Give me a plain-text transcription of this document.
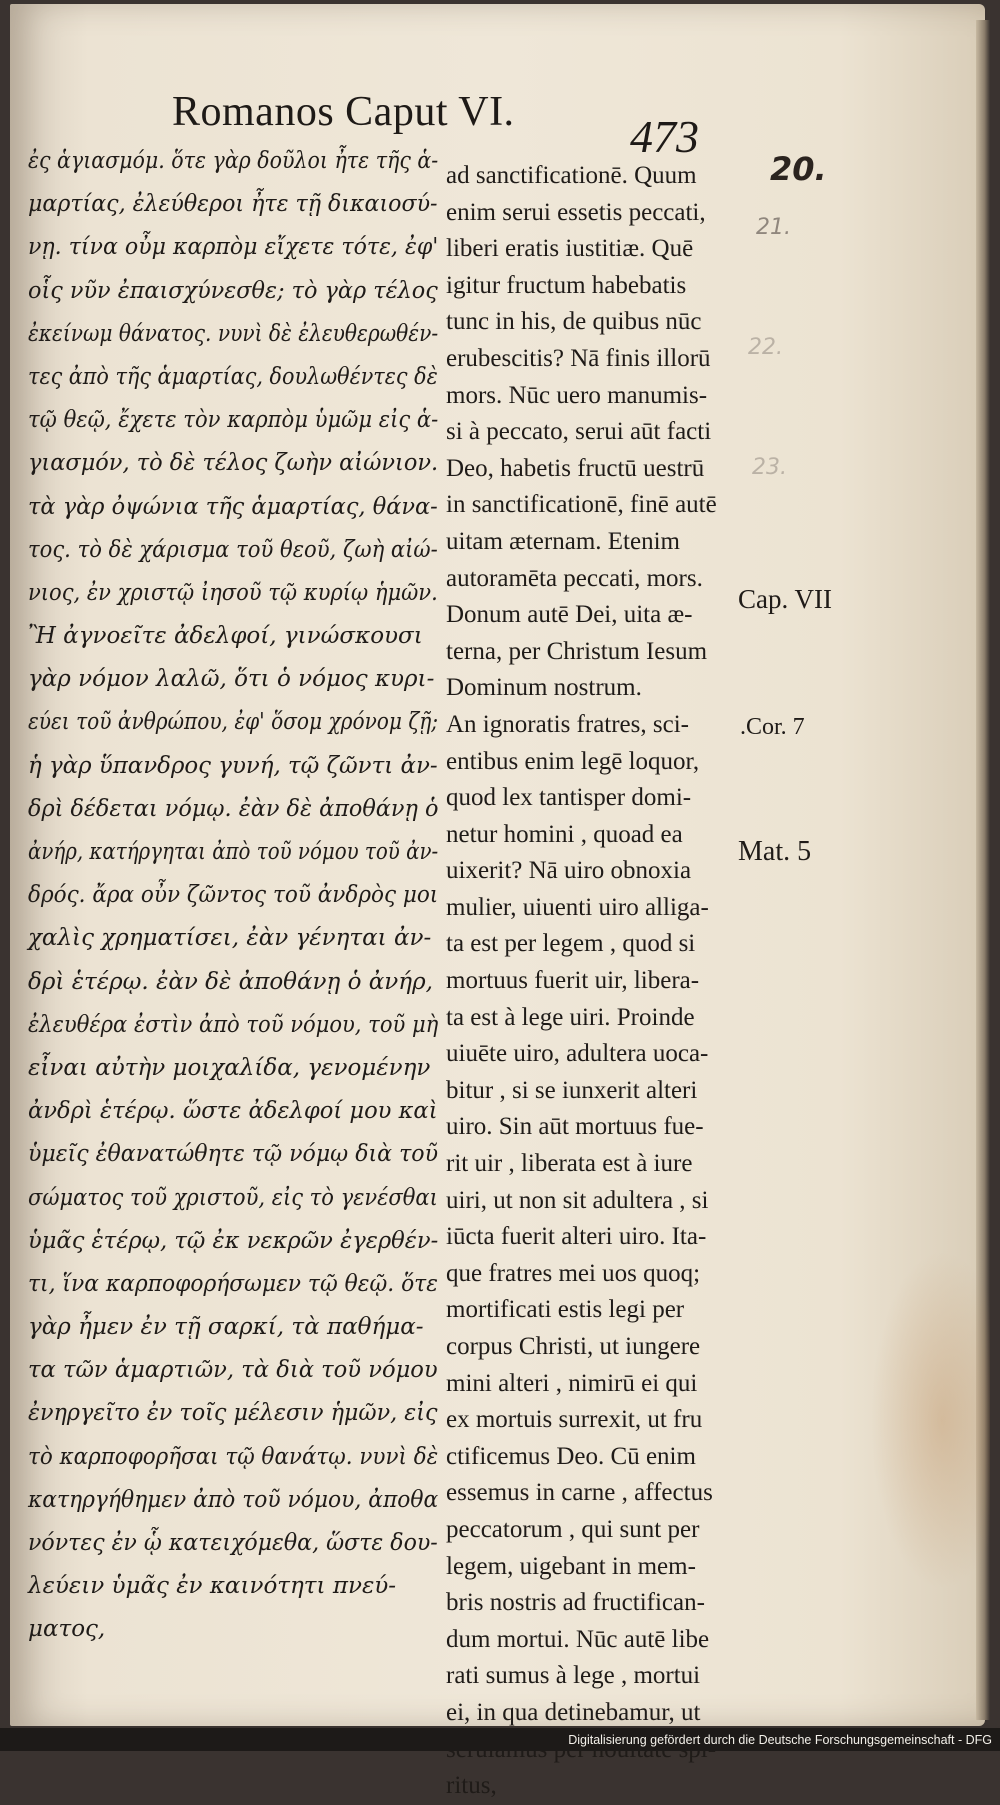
Romanos Caput VI.	473
20.
21.
22.
23.
ἐς ἁγιασμόμ. ὅτε γὰρ δοῦλοι ἦτε τῆς ἁ-
μαρτίας, ἐλεύθεροι ἦτε τῇ δικαιοσύ-
νῃ. τίνα οὖμ καρπὸμ εἴχετε τότε, ἐφ'
οἷς νῦν ἐπαισχύνεσθε; τὸ γὰρ τέλος
ἐκείνωμ θάνατος. νυνὶ δὲ ἐλευθερωθέν-
τες ἀπὸ τῆς ἁμαρτίας, δουλωθέντες δὲ
τῷ θεῷ, ἔχετε τὸν καρπὸμ ὑμῶμ εἰς ἁ-
γιασμόν, τὸ δὲ τέλος ζωὴν αἰώνιον.
τὰ γὰρ ὀψώνια τῆς ἁμαρτίας, θάνα-
τος. τὸ δὲ χάρισμα τοῦ θεοῦ, ζωὴ αἰώ-
νιος, ἐν χριστῷ ἰησοῦ τῷ κυρίῳ ἡμῶν.
Ἢ ἀγνοεῖτε ἀδελφοί, γινώσκουσι
γὰρ νόμον λαλῶ, ὅτι ὁ νόμος κυρι-
εύει τοῦ ἀνθρώπου, ἐφ' ὅσομ χρόνομ ζῇ;
ἡ γὰρ ὕπανδρος γυνή, τῷ ζῶντι ἀν-
δρὶ δέδεται νόμῳ. ἐὰν δὲ ἀποθάνῃ ὁ
ἀνήρ, κατήργηται ἀπὸ τοῦ νόμου τοῦ ἀν-
δρός. ἄρα οὖν ζῶντος τοῦ ἀνδρὸς μοι
χαλὶς χρηματίσει, ἐὰν γένηται ἀν-
δρὶ ἑτέρῳ. ἐὰν δὲ ἀποθάνῃ ὁ ἀνήρ,
ἐλευθέρα ἐστὶν ἀπὸ τοῦ νόμου, τοῦ μὴ
εἶναι αὐτὴν μοιχαλίδα, γενομένην
ἀνδρὶ ἑτέρῳ. ὥστε ἀδελφοί μου καὶ
ὑμεῖς ἐθανατώθητε τῷ νόμῳ διὰ τοῦ
σώματος τοῦ χριστοῦ, εἰς τὸ γενέσθαι
ὑμᾶς ἑτέρῳ, τῷ ἐκ νεκρῶν ἐγερθέν-
τι, ἵνα καρποφορήσωμεν τῷ θεῷ. ὅτε
γὰρ ἦμεν ἐν τῇ σαρκί, τὰ παθήμα-
τα τῶν ἁμαρτιῶν, τὰ διὰ τοῦ νόμου
ἐνηργεῖτο ἐν τοῖς μέλεσιν ἡμῶν, εἰς
τὸ καρποφορῆσαι τῷ θανάτῳ. νυνὶ δὲ
κατηργήθημεν ἀπὸ τοῦ νόμου, ἀποθα
νόντες ἐν ᾧ κατειχόμεθα, ὥστε δου-
λεύειν ὑμᾶς ἐν καινότητι πνεύ-
ματος,
ad sanctificationē. Quum
enim serui essetis peccati,
liberi eratis iustitiæ. Quē
igitur fructum habebatis
tunc in his, de quibus nūc
erubescitis? Nā finis illorū
mors. Nūc uero manumis-
si à peccato, serui aūt facti
Deo, habetis fructū uestrū
in sanctificationē, finē autē
uitam æternam. Etenim
autoramēta peccati, mors.
Donum autē Dei, uita æ-
terna, per Christum Iesum
Dominum nostrum.
An ignoratis fratres, sci-
entibus enim legē loquor,
quod lex tantisper domi-
netur homini , quoad ea
uixerit? Nā uiro obnoxia
mulier, uiuenti uiro alliga-
ta est per legem , quod si
mortuus fuerit uir, libera-
ta est à lege uiri. Proinde
uiuēte uiro, adultera uoca-
bitur , si se iunxerit alteri
uiro. Sin aūt mortuus fue-
rit uir , liberata est à iure
uiri, ut non sit adultera , si
iūcta fuerit alteri uiro. Ita-
que fratres mei uos quoq;
mortificati estis legi per
corpus Christi, ut iungere
mini alteri , nimirū ei qui
ex mortuis surrexit, ut fru
ctificemus Deo. Cū enim
essemus in carne , affectus
peccatorum , qui sunt per
legem, uigebant in mem-
bris nostris ad fructifican-
dum mortui. Nūc autē libe
rati sumus à lege , mortui
ei, in qua detinebamur, ut
ritus,
Cap. VII
.Cor. 7
Mat. 5
Digitalisierung gefördert durch die Deutsche Forschungsgemeinschaft - DFG
